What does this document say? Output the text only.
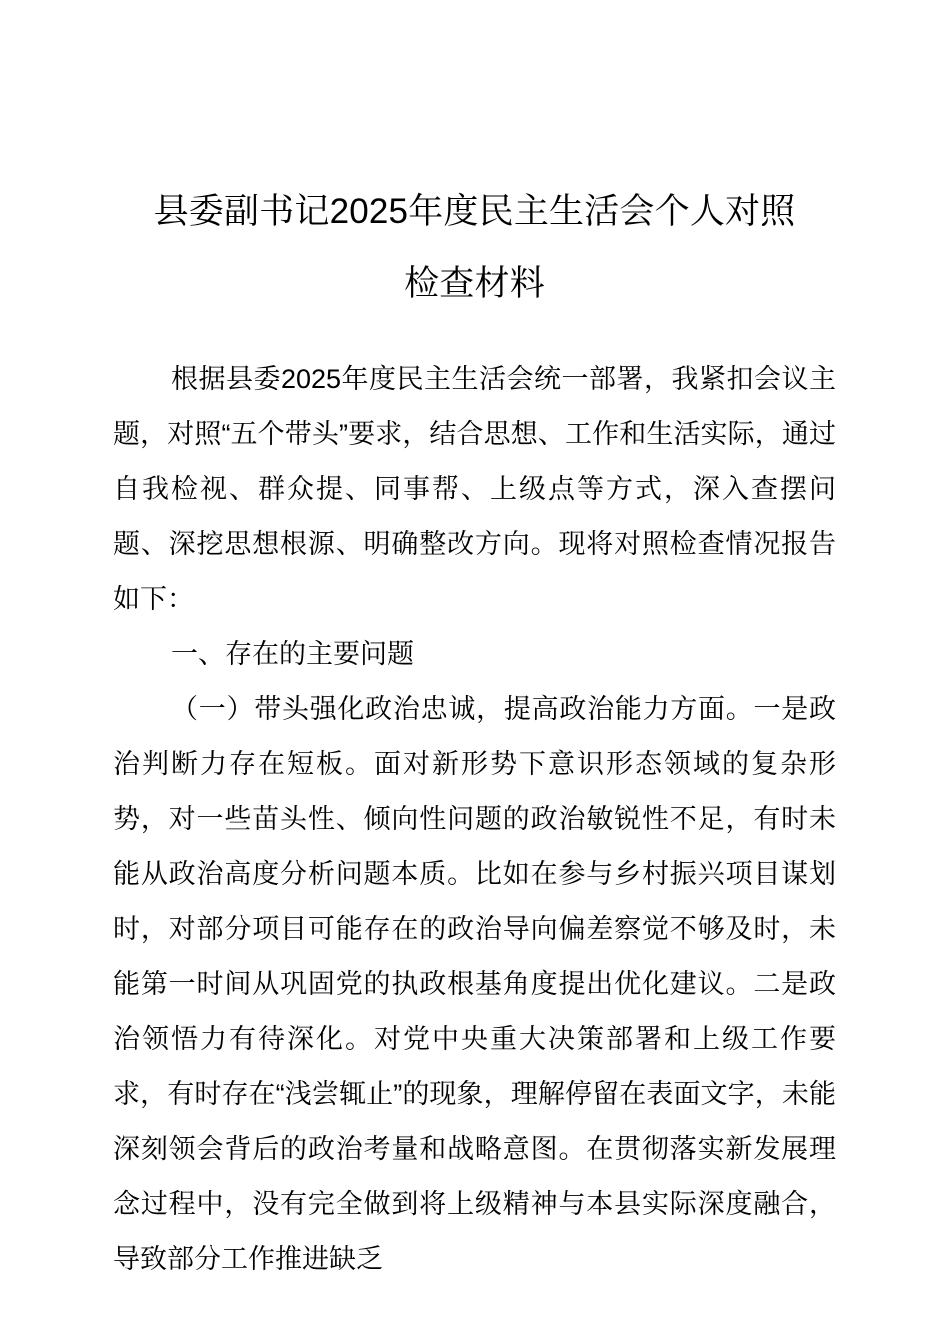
县委副书记2025年度民主生活会个人对照
检查材料

根据县委2025年度民主生活会统一部署，我紧扣会议主题，对照“五个带头”要求，结合思想、工作和生活实际，通过自我检视、群众提、同事帮、上级点等方式，深入查摆问题、深挖思想根源、明确整改方向。现将对照检查情况报告如下：

一、存在的主要问题

（一）带头强化政治忠诚，提高政治能力方面。一是政治判断力存在短板。面对新形势下意识形态领域的复杂形势，对一些苗头性、倾向性问题的政治敏锐性不足，有时未能从政治高度分析问题本质。比如在参与乡村振兴项目谋划时，对部分项目可能存在的政治导向偏差察觉不够及时，未能第一时间从巩固党的执政根基角度提出优化建议。二是政治领悟力有待深化。对党中央重大决策部署和上级工作要求，有时存在“浅尝辄止”的现象，理解停留在表面文字，未能深刻领会背后的政治考量和战略意图。在贯彻落实新发展理念过程中，没有完全做到将上级精神与本县实际深度融合，导致部分工作推进缺乏
